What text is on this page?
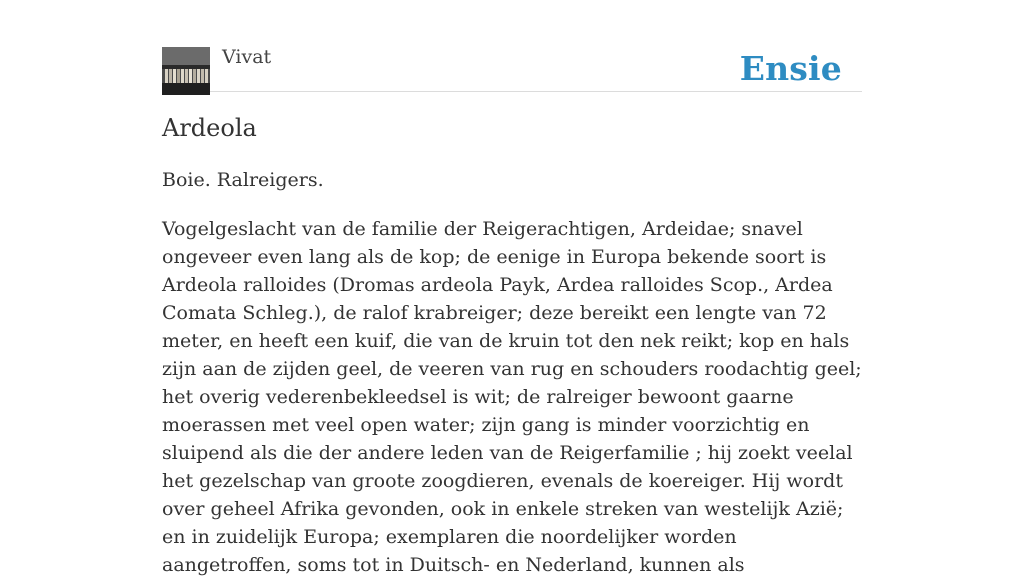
Vivat	Ensie
Ardeola

Boie. Ralreigers.

Vogelgeslacht van de familie der Reigerachtigen, Ardeidae; snavel ongeveer even lang als de kop; de eenige in Europa bekende soort is Ardeola ralloides (Dromas ardeola Payk, Ardea ralloides Scop., Ardea Comata Schleg.), de ralof krabreiger; deze bereikt een lengte van 72 meter, en heeft een kuif, die van de kruin tot den nek reikt; kop en hals zijn aan de zijden geel, de veeren van rug en schouders roodachtig geel; het overig vederenbekleedsel is wit; de ralreiger bewoont gaarne moerassen met veel open water; zijn gang is minder voorzichtig en sluipend als die der andere leden van de Reigerfamilie ; hij zoekt veelal het gezelschap van groote zoogdieren, evenals de koereiger. Hij wordt over geheel Afrika gevonden, ook in enkele streken van westelijk Azië; en in zuidelijk Europa; exemplaren die noordelijker worden aangetroffen, soms tot in Duitsch- en Nederland, kunnen als
